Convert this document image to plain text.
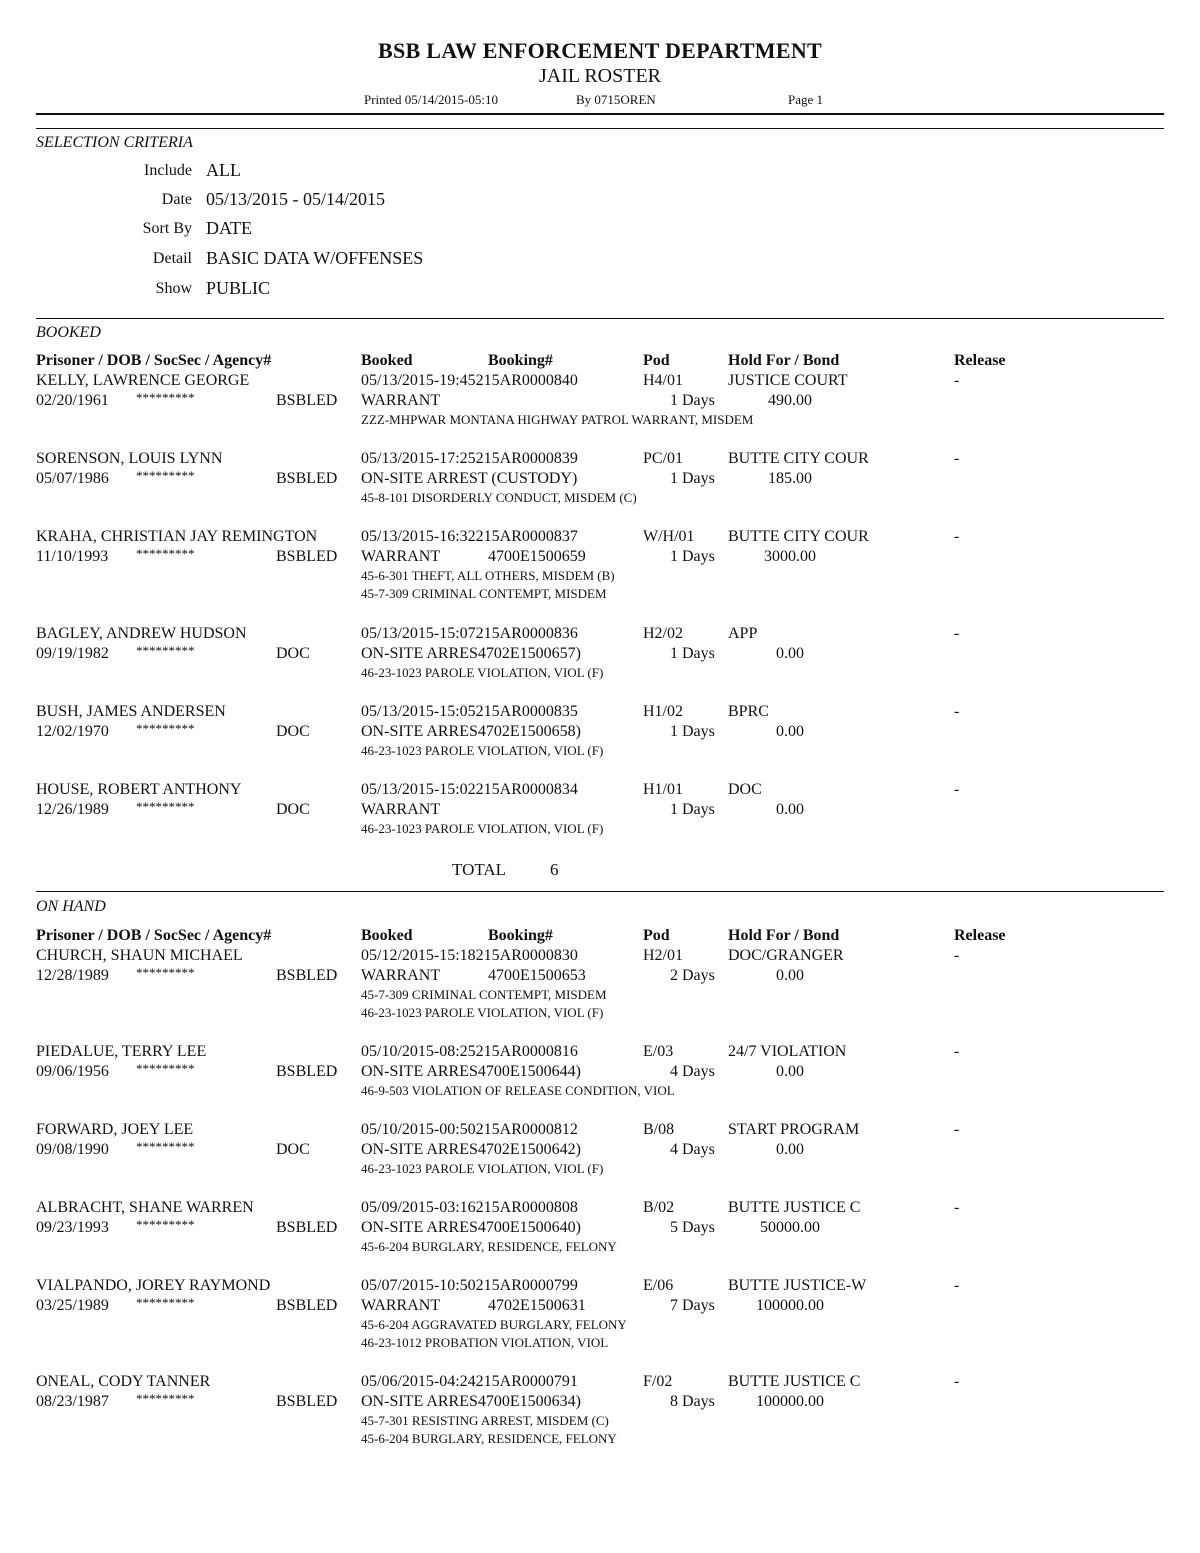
BSB LAW ENFORCEMENT DEPARTMENT
JAIL ROSTER
Printed 05/14/2015-05:10	By 0715OREN	Page 1
SELECTION CRITERIA
Include ALL
Date 05/13/2015 - 05/14/2015
Sort By DATE
Detail BASIC DATA W/OFFENSES
Show PUBLIC
BOOKED
Prisoner / DOB / SocSec / Agency#	Booked	Booking#	Pod	Hold For / Bond	Release
KELLY, LAWRENCE GEORGE	05/13/2015-19:45215AR0000840	H4/01	JUSTICE COURT	-
02/20/1961 *********	BSBLED WARRANT	1 Days	490.00
ZZZ-MHPWAR MONTANA HIGHWAY PATROL WARRANT, MISDEM
SORENSON, LOUIS LYNN	05/13/2015-17:25215AR0000839	PC/01	BUTTE CITY COUR	-
05/07/1986 *********	BSBLED ON-SITE ARREST (CUSTODY)	1 Days	185.00
45-8-101 DISORDERLY CONDUCT, MISDEM (C)
KRAHA, CHRISTIAN JAY REMINGTON	05/13/2015-16:32215AR0000837	W/H/01 BUTTE CITY COUR	-
11/10/1993 *********	BSBLED WARRANT	4700E1500659	1 Days	3000.00
45-6-301 THEFT, ALL OTHERS, MISDEM (B)
45-7-309 CRIMINAL CONTEMPT, MISDEM
BAGLEY, ANDREW HUDSON	05/13/2015-15:07215AR0000836	H2/02	APP	-
09/19/1982 *********	DOC	ON-SITE ARRES4702E1500657)	1 Days	0.00
46-23-1023 PAROLE VIOLATION, VIOL (F)
BUSH, JAMES ANDERSEN	05/13/2015-15:05215AR0000835	H1/02	BPRC	-
12/02/1970 *********	DOC	ON-SITE ARRES4702E1500658)	1 Days	0.00
46-23-1023 PAROLE VIOLATION, VIOL (F)
HOUSE, ROBERT ANTHONY	05/13/2015-15:02215AR0000834	H1/01	DOC	-
12/26/1989 *********	DOC	WARRANT	1 Days	0.00
46-23-1023 PAROLE VIOLATION, VIOL (F)
TOTAL	6
ON HAND
Prisoner / DOB / SocSec / Agency#	Booked	Booking#	Pod	Hold For / Bond	Release
CHURCH, SHAUN MICHAEL	05/12/2015-15:18215AR0000830	H2/01	DOC/GRANGER	-
12/28/1989 *********	BSBLED WARRANT	4700E1500653	2 Days	0.00
45-7-309 CRIMINAL CONTEMPT, MISDEM
46-23-1023 PAROLE VIOLATION, VIOL (F)
PIEDALUE, TERRY LEE	05/10/2015-08:25215AR0000816	E/03	24/7 VIOLATION	-
09/06/1956 *********	BSBLED ON-SITE ARRES4700E1500644)	4 Days	0.00
46-9-503 VIOLATION OF RELEASE CONDITION, VIOL
FORWARD, JOEY LEE	05/10/2015-00:50215AR0000812	B/08	START PROGRAM	-
09/08/1990 *********	DOC	ON-SITE ARRES4702E1500642)	4 Days	0.00
46-23-1023 PAROLE VIOLATION, VIOL (F)
ALBRACHT, SHANE WARREN	05/09/2015-03:16215AR0000808	B/02	BUTTE JUSTICE C	-
09/23/1993 *********	BSBLED ON-SITE ARRES4700E1500640)	5 Days	50000.00
45-6-204 BURGLARY, RESIDENCE, FELONY
VIALPANDO, JOREY RAYMOND	05/07/2015-10:50215AR0000799	E/06	BUTTE JUSTICE-W	-
03/25/1989 *********	BSBLED WARRANT	4702E1500631	7 Days	100000.00
45-6-204 AGGRAVATED BURGLARY, FELONY
46-23-1012 PROBATION VIOLATION, VIOL
ONEAL, CODY TANNER	05/06/2015-04:24215AR0000791	F/02	BUTTE JUSTICE C	-
08/23/1987 *********	BSBLED ON-SITE ARRES4700E1500634)	8 Days	100000.00
45-7-301 RESISTING ARREST, MISDEM (C)
45-6-204 BURGLARY, RESIDENCE, FELONY
